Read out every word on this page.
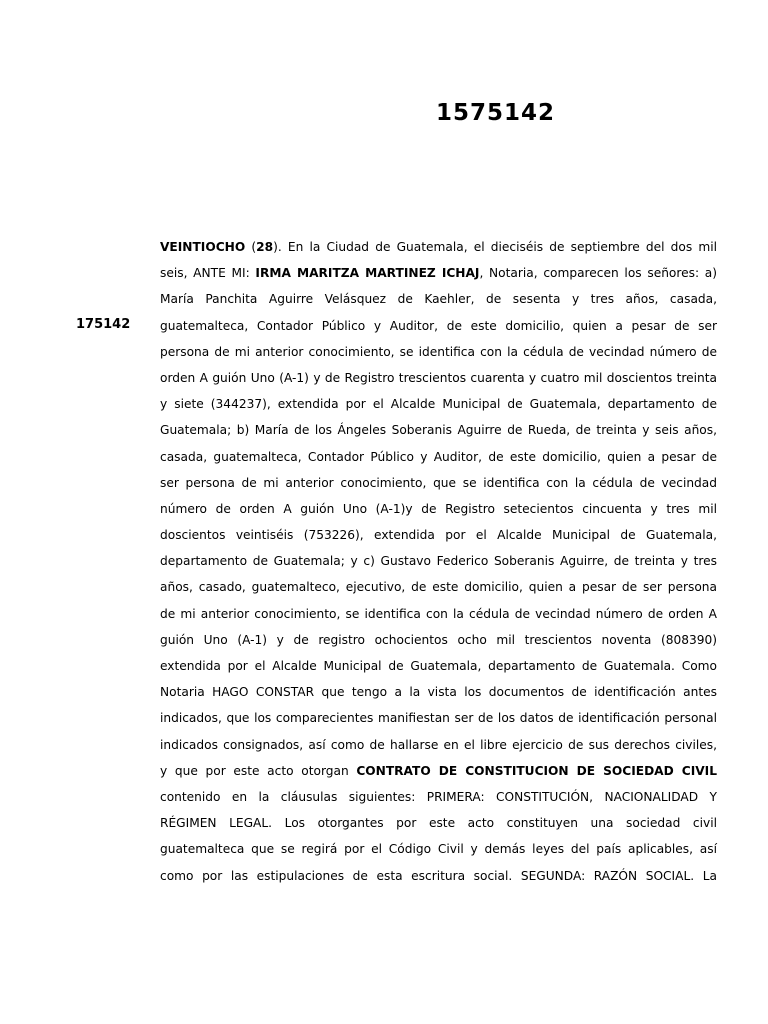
1575142
175142
VEINTIOCHO (28). En la Ciudad de Guatemala, el dieciséis de septiembre del dos mil
seis, ANTE MI: IRMA MARITZA MARTINEZ ICHAJ, Notaria, comparecen los señores: a)
María Panchita Aguirre Velásquez de Kaehler, de sesenta y tres años, casada,
guatemalteca, Contador Público y Auditor, de este domicilio, quien a pesar de ser
persona de mi anterior conocimiento, se identifica con la cédula de vecindad número de
orden A guión Uno (A-1) y de Registro trescientos cuarenta y cuatro mil doscientos treinta
y siete (344237), extendida por el Alcalde Municipal de Guatemala, departamento de
Guatemala; b) María de los Ángeles Soberanis Aguirre de Rueda, de treinta y seis años,
casada, guatemalteca, Contador Público y Auditor, de este domicilio, quien a pesar de
ser persona de mi anterior conocimiento, que se identifica con la cédula de vecindad
número de orden A guión Uno (A-1)y de Registro setecientos cincuenta y tres mil
doscientos veintiséis (753226), extendida por el Alcalde Municipal de Guatemala,
departamento de Guatemala; y c) Gustavo Federico Soberanis Aguirre, de treinta y tres
años, casado, guatemalteco, ejecutivo, de este domicilio, quien a pesar de ser persona
de mi anterior conocimiento, se identifica con la cédula de vecindad número de orden A
guión Uno (A-1) y de registro ochocientos ocho mil trescientos noventa (808390)
extendida por el Alcalde Municipal de Guatemala, departamento de Guatemala. Como
Notaria HAGO CONSTAR que tengo a la vista los documentos de identificación antes
indicados, que los comparecientes manifiestan ser de los datos de identificación personal
indicados consignados, así como de hallarse en el libre ejercicio de sus derechos civiles,
y que por este acto otorgan CONTRATO DE CONSTITUCION DE SOCIEDAD CIVIL
contenido en la cláusulas siguientes: PRIMERA: CONSTITUCIÓN, NACIONALIDAD Y
RÉGIMEN LEGAL. Los otorgantes por este acto constituyen una sociedad civil
guatemalteca que se regirá por el Código Civil y demás leyes del país aplicables, así
como por las estipulaciones de esta escritura social. SEGUNDA: RAZÓN SOCIAL. La
